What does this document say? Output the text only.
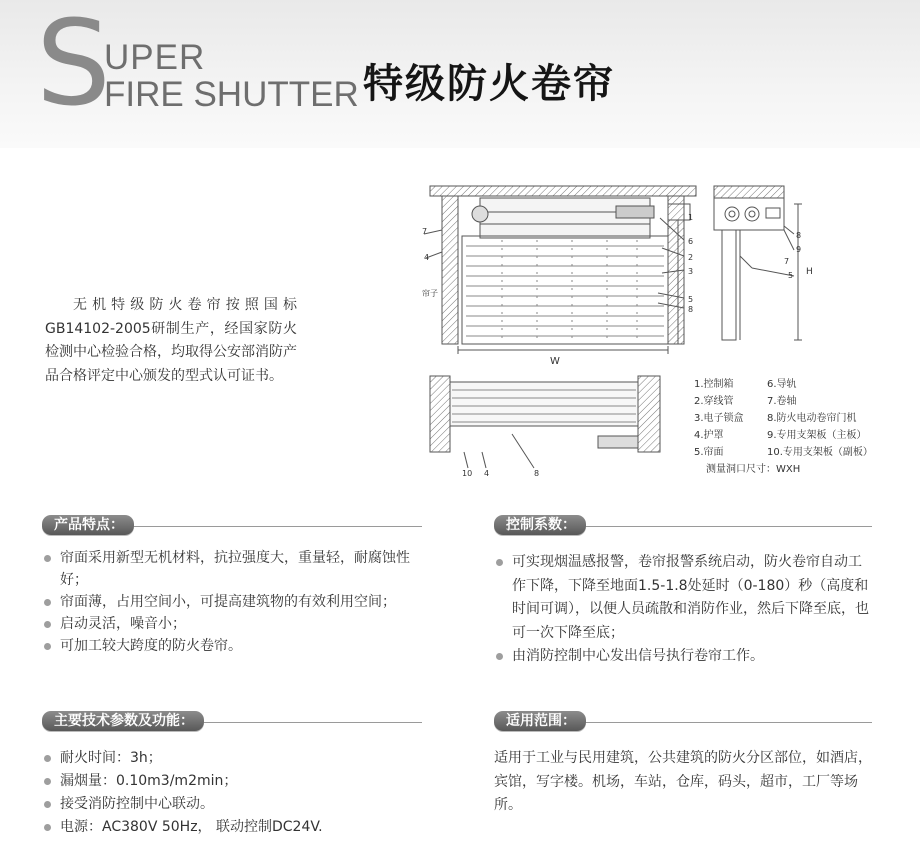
S
UPER
FIRE SHUTTER 特级防火卷帘
无机特级防火卷帘按照国标GB14102-2005研制生产，经国家防火检测中心检验合格，均取得公安部消防产品合格评定中心颁发的型式认可证书。
W
H
帘子
1
6
2
3
5
8
7
4
8
9
7
5
10 4	8
1.控制箱	6.导轨
2.穿线管	7.卷轴
3.电子锁盒	8.防火电动卷帘门机
4.护罩	9.专用支架板（主板）
5.帘面	10.专用支架板（副板）
测量洞口尺寸：WXH
产品特点：
帘面采用新型无机材料，抗拉强度大，重量轻，耐腐蚀性好；
帘面薄，占用空间小，可提高建筑物的有效利用空间；
启动灵活，噪音小；
可加工较大跨度的防火卷帘。
控制系数：
可实现烟温感报警，卷帘报警系统启动，防火卷帘自动工作下降，下降至地面1.5-1.8处延时（0-180）秒（高度和时间可调），以便人员疏散和消防作业，然后下降至底，也可一次下降至底；
由消防控制中心发出信号执行卷帘工作。
主要技术参数及功能：
耐火时间：3h；
漏烟量：0.10m3/m2min；
接受消防控制中心联动。
电源：AC380V 50Hz， 联动控制DC24V.
适用范围：
适用于工业与民用建筑，公共建筑的防火分区部位，如酒店，宾馆，写字楼。机场，车站，仓库，码头，超市，工厂等场所。
